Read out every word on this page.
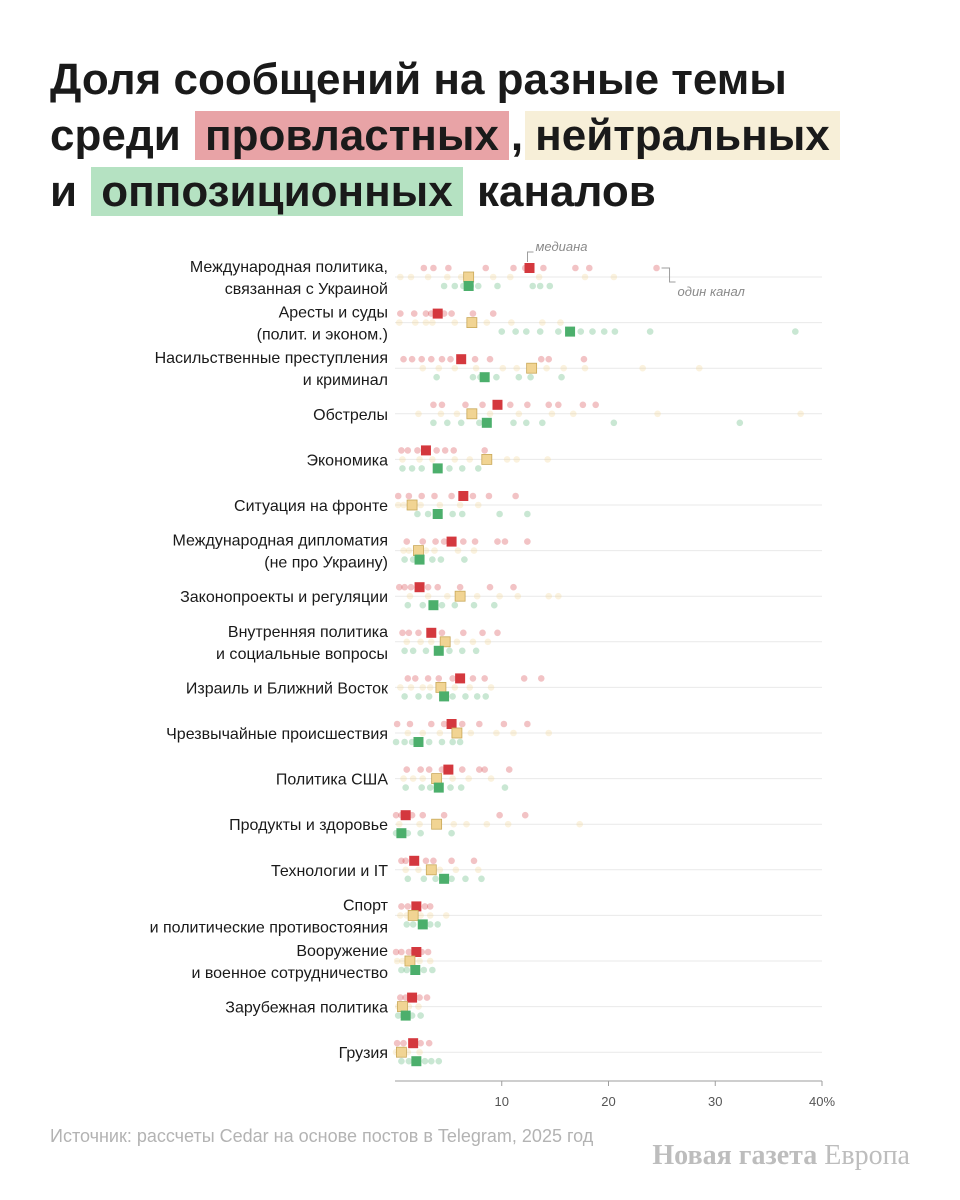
Доля сообщений на разные темы
среди провластных , нейтральных
и оппозиционных каналов
Международная политика,
связанная с Украиной
Аресты и суды
(полит. и эконом.)
Насильственные преступления
и криминал
Обстрелы
Экономика
Ситуация на фронте
Международная дипломатия
(не про Украину)
Законопроекты и регуляции
Внутренняя политика
и социальные вопросы
Израиль и Ближний Восток
Чрезвычайные происшествия
Политика США
Продукты и здоровье
Технологии и IT
Спорт
и политические противостояния
Вооружение
и военное сотрудничество
Зарубежная политика
Грузия
10	20	30	40%
медиана
один канал
Источник: рассчеты Cedar на основе постов в Telegram, 2025 год
Новая газета Европа
